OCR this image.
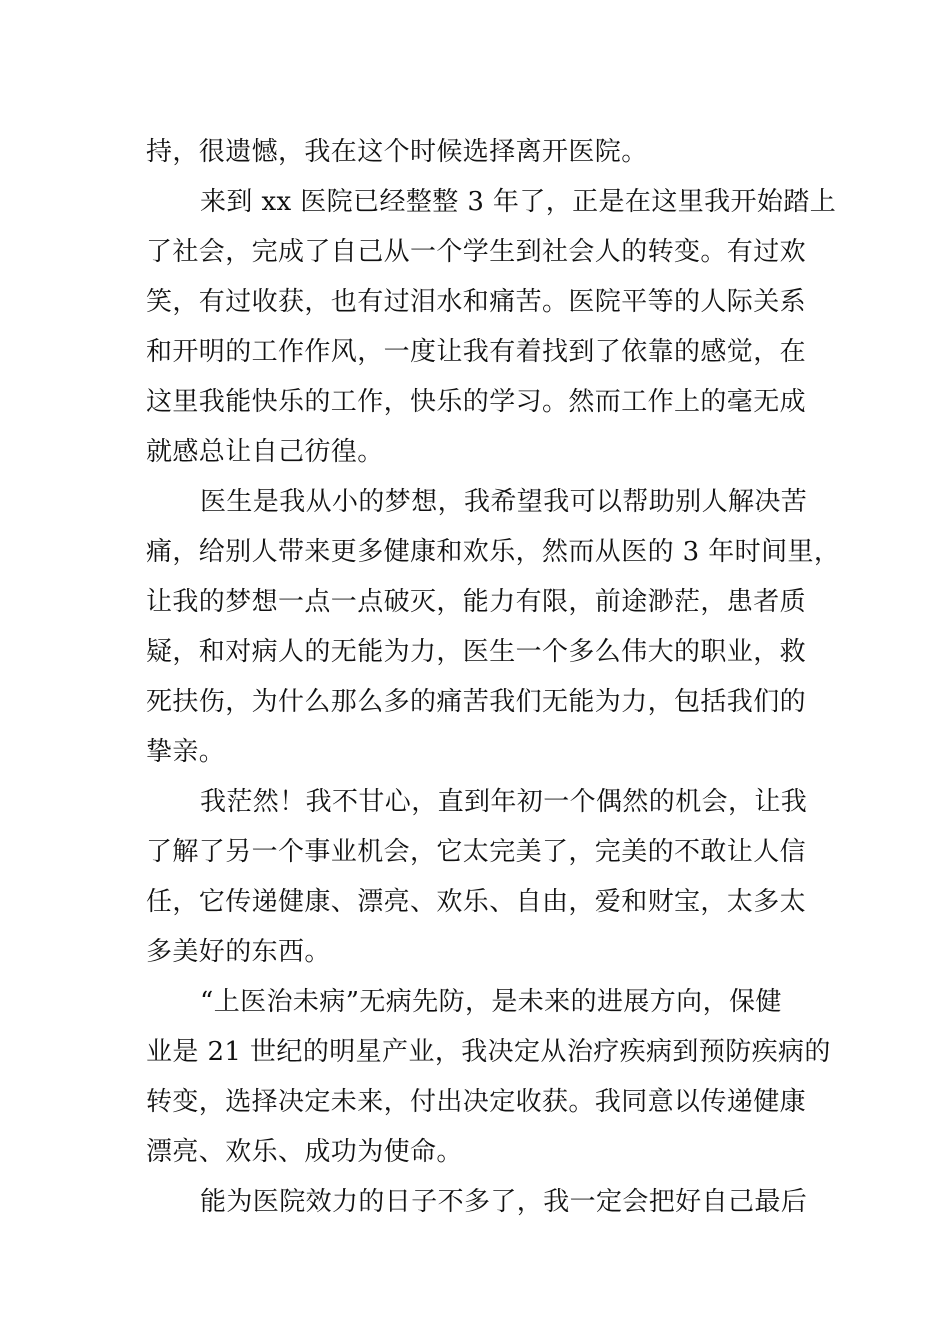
持，很遗憾，我在这个时候选择离开医院。
来到 xx 医院已经整整 3 年了，正是在这里我开始踏上
了社会，完成了自己从一个学生到社会人的转变。有过欢
笑，有过收获，也有过泪水和痛苦。医院平等的人际关系
和开明的工作作风，一度让我有着找到了依靠的感觉，在
这里我能快乐的工作，快乐的学习。然而工作上的毫无成
就感总让自己彷徨。
医生是我从小的梦想，我希望我可以帮助别人解决苦
痛，给别人带来更多健康和欢乐，然而从医的 3 年时间里，
让我的梦想一点一点破灭，能力有限，前途渺茫，患者质
疑，和对病人的无能为力，医生一个多么伟大的职业，救
死扶伤，为什么那么多的痛苦我们无能为力，包括我们的
挚亲。
我茫然！我不甘心，直到年初一个偶然的机会，让我
了解了另一个事业机会，它太完美了，完美的不敢让人信
任，它传递健康、漂亮、欢乐、自由，爱和财宝，太多太
多美好的东西。
“上医治未病”无病先防，是未来的进展方向，保健
业是 21 世纪的明星产业，我决定从治疗疾病到预防疾病的
转变，选择决定未来，付出决定收获。我同意以传递健康
漂亮、欢乐、成功为使命。
能为医院效力的日子不多了，我一定会把好自己最后
